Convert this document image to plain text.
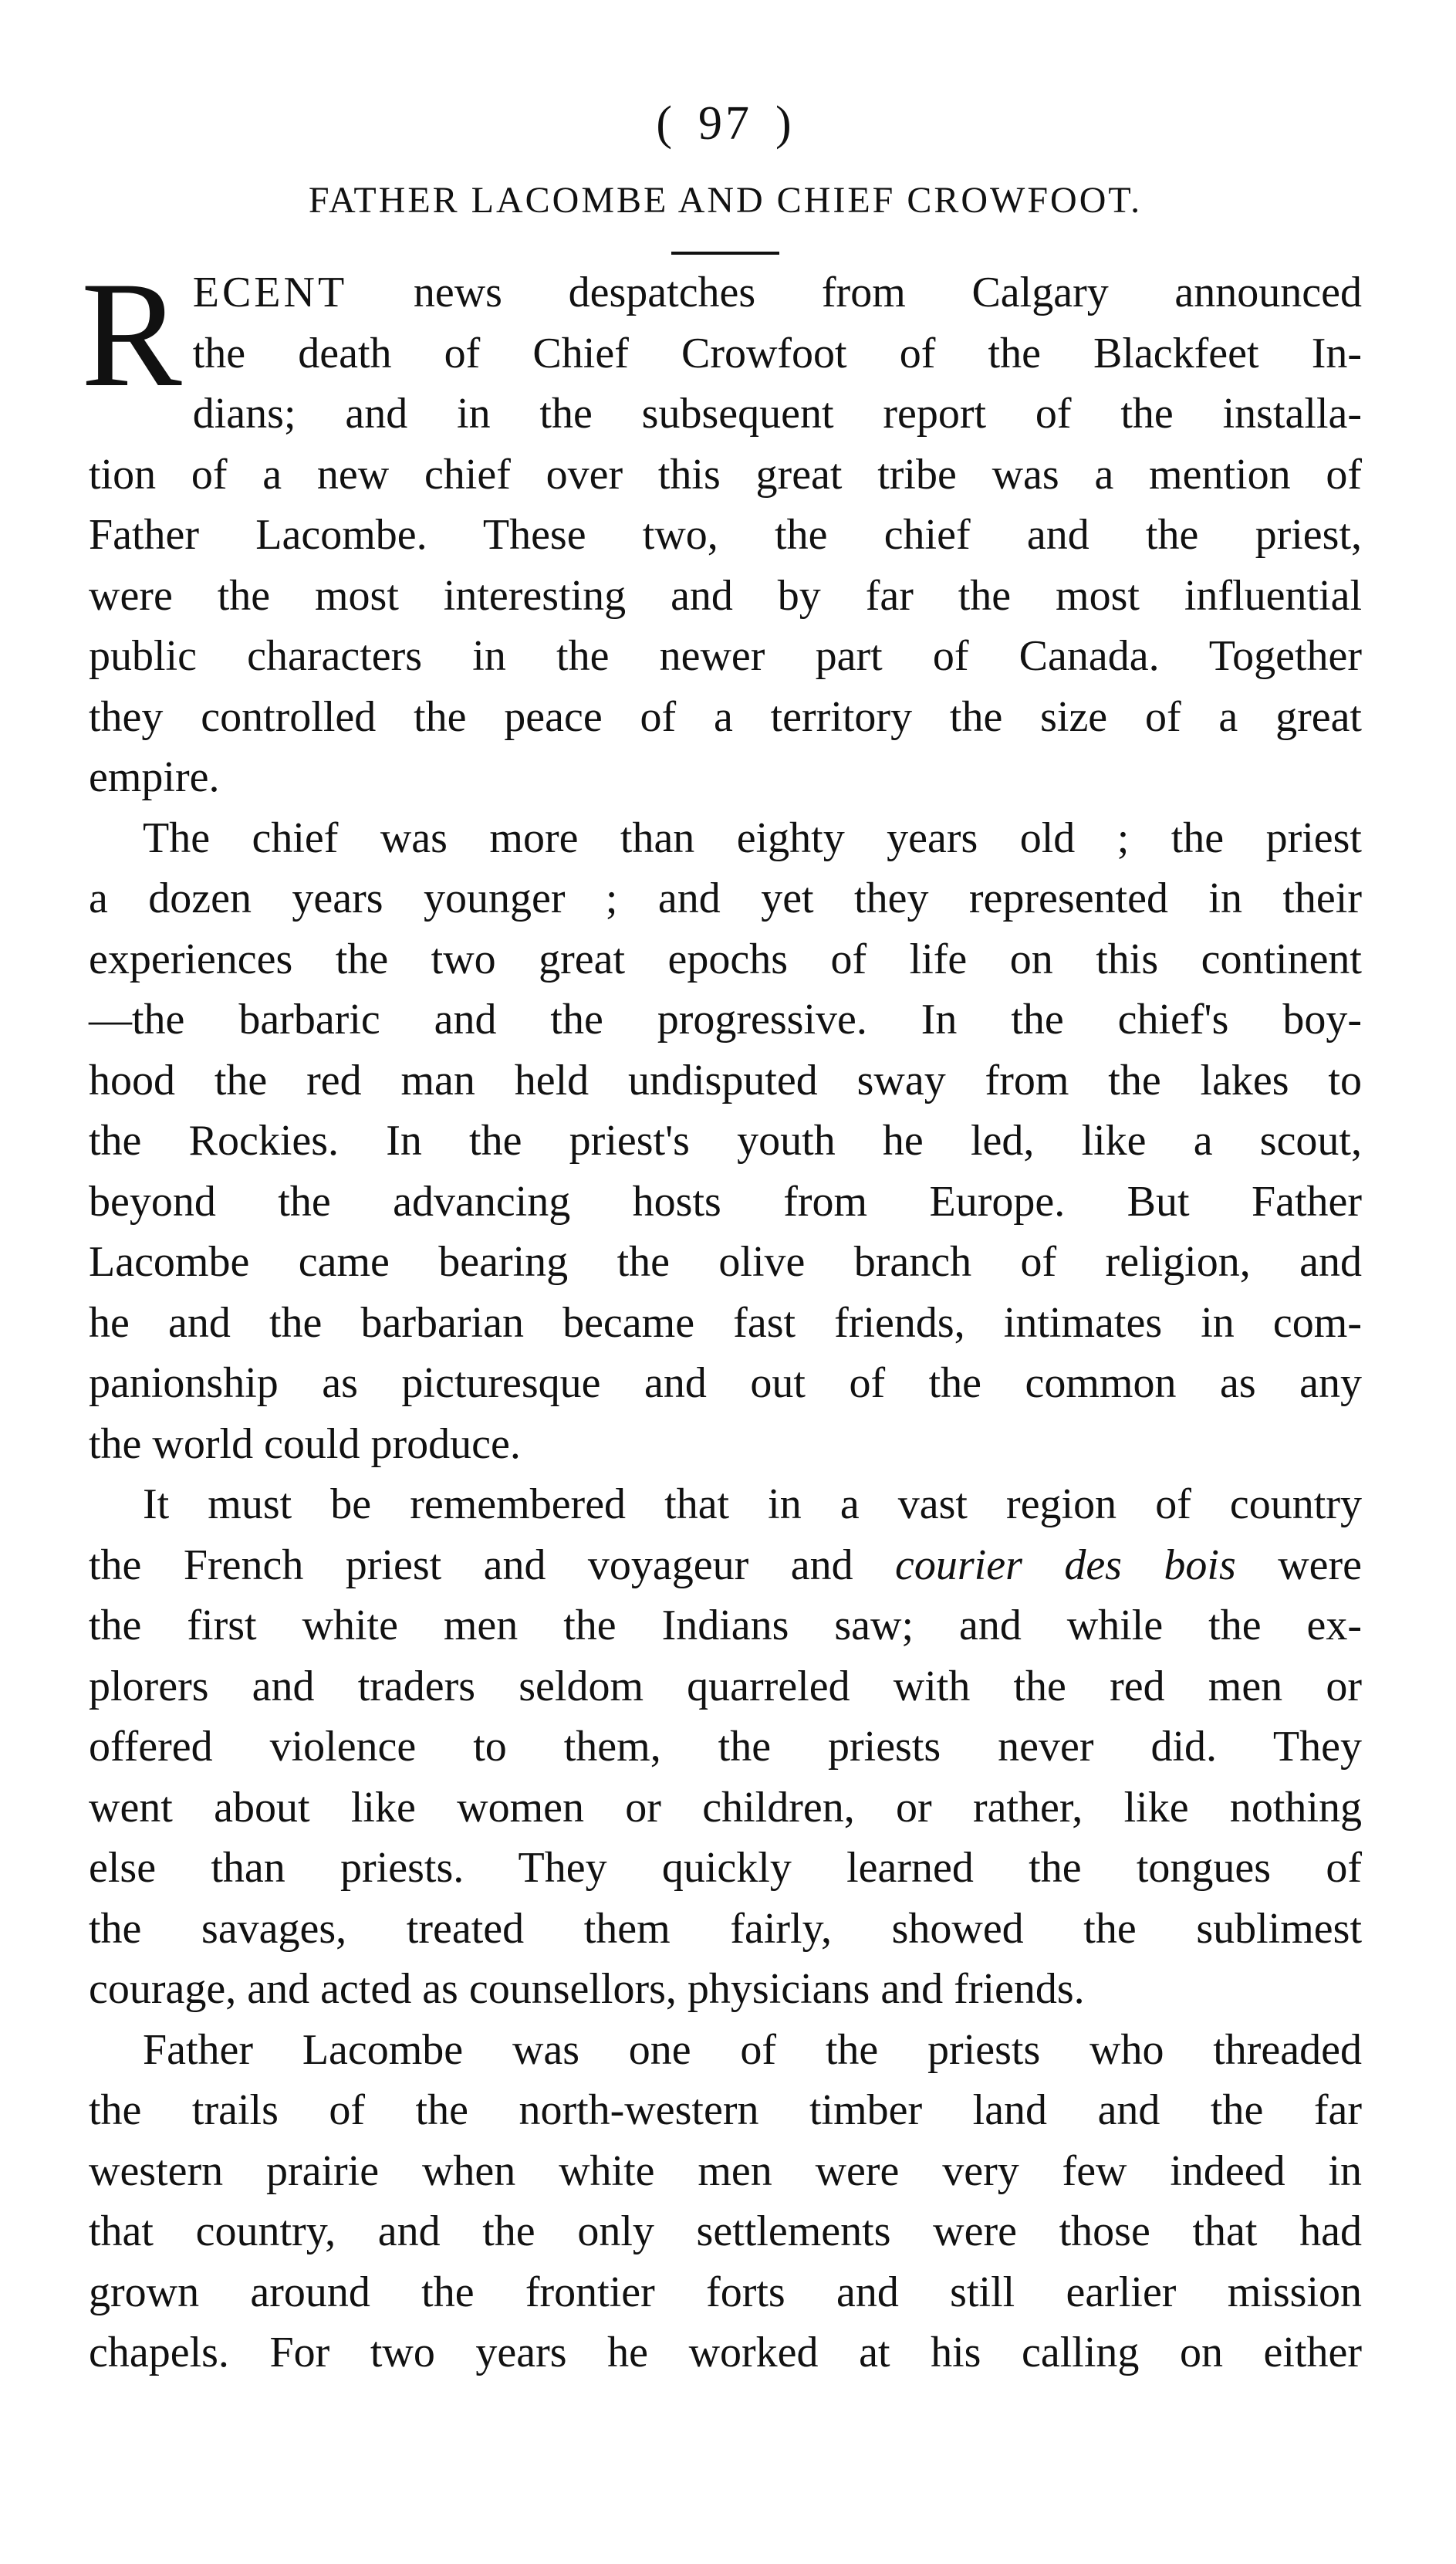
( 97 )
FATHER LACOMBE AND CHIEF CROWFOOT.

R ECENT news despatches from Calgary announced
the death of Chief Crowfoot of the Blackfeet In-
dians; and in the subsequent report of the installa-
tion of a new chief over this great tribe was a mention of
Father Lacombe. These two, the chief and the priest,
were the most interesting and by far the most influential
public characters in the newer part of Canada. Together
they controlled the peace of a territory the size of a great
empire.

The chief was more than eighty years old ; the priest
a dozen years younger ; and yet they represented in their
experiences the two great epochs of life on this continent
—the barbaric and the progressive. In the chief's boy-
hood the red man held undisputed sway from the lakes to
the Rockies. In the priest's youth he led, like a scout,
beyond the advancing hosts from Europe. But Father
Lacombe came bearing the olive branch of religion, and
he and the barbarian became fast friends, intimates in com-
panionship as picturesque and out of the common as any
the world could produce.

It must be remembered that in a vast region of country
the French priest and voyageur and courier des bois were
the first white men the Indians saw; and while the ex-
plorers and traders seldom quarreled with the red men or
offered violence to them, the priests never did. They
went about like women or children, or rather, like nothing
else than priests. They quickly learned the tongues of
the savages, treated them fairly, showed the sublimest
courage, and acted as counsellors, physicians and friends.

Father Lacombe was one of the priests who threaded
the trails of the north-western timber land and the far
western prairie when white men were very few indeed in
that country, and the only settlements were those that had
grown around the frontier forts and still earlier mission
chapels. For two years he worked at his calling on either
